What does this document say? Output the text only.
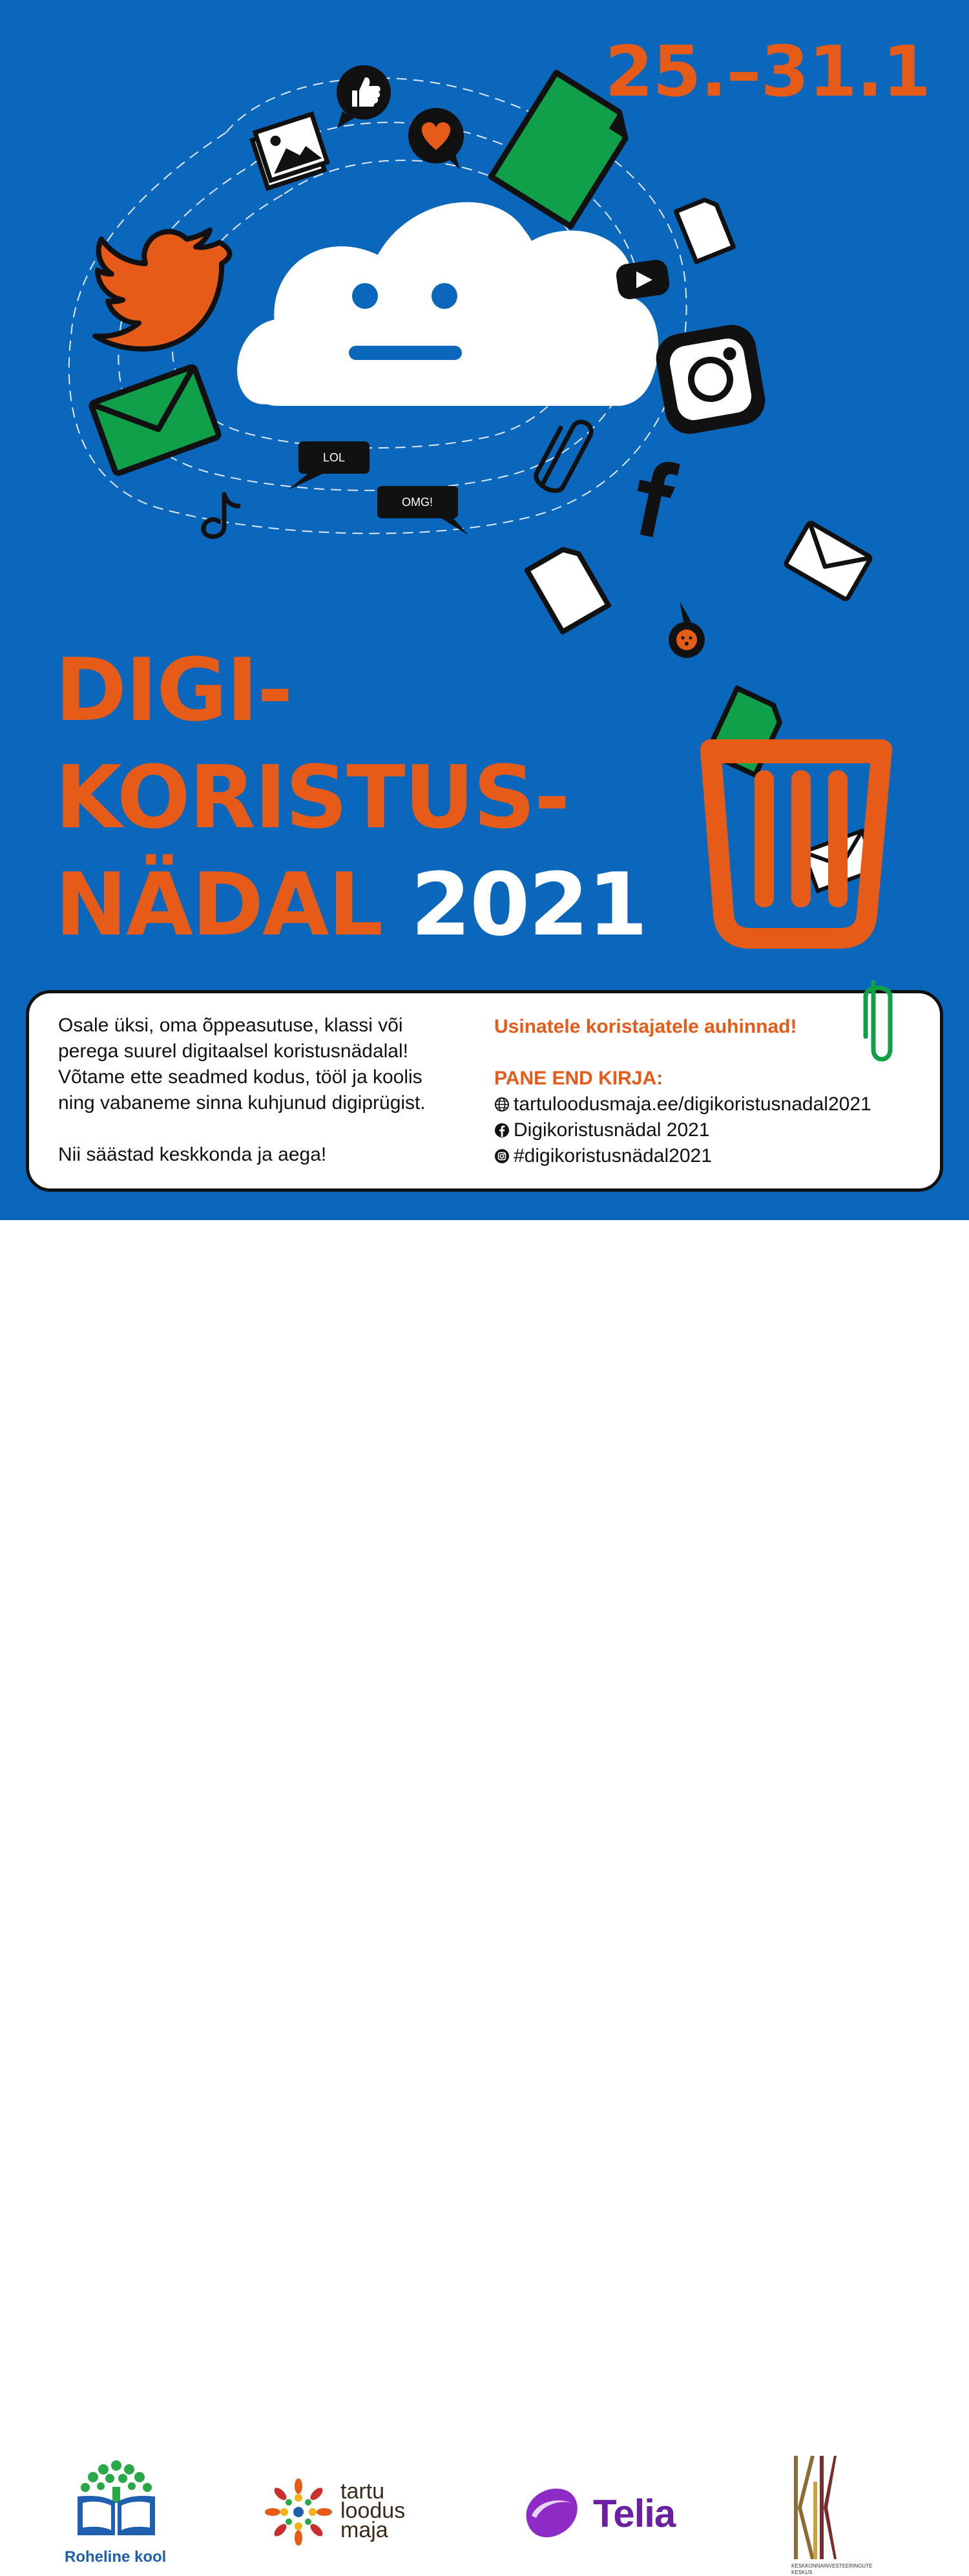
LOL
OMG!
25.–31.1
DIGI-
KORISTUS-
NÄDAL 2021

Osale üksi, oma õppeasutuse, klassi või

perega suurel digitaalsel koristusnädalal!

Võtame ette seadmed kodus, tööl ja koolis

ning vabaneme sinna kuhjunud digiprügist.

Nii säästad keskkonda ja aega!

Usinatele koristajatele auhinnad!
PANE END KIRJA:
tartuloodusmaja.ee/digikoristusnadal2021
Digikoristusnädal 2021
#digikoristusnädal2021
Roheline kool
tartu
loodus
maja	Telia
KESKKONNAINVESTEERINGUTE
KESKUS
